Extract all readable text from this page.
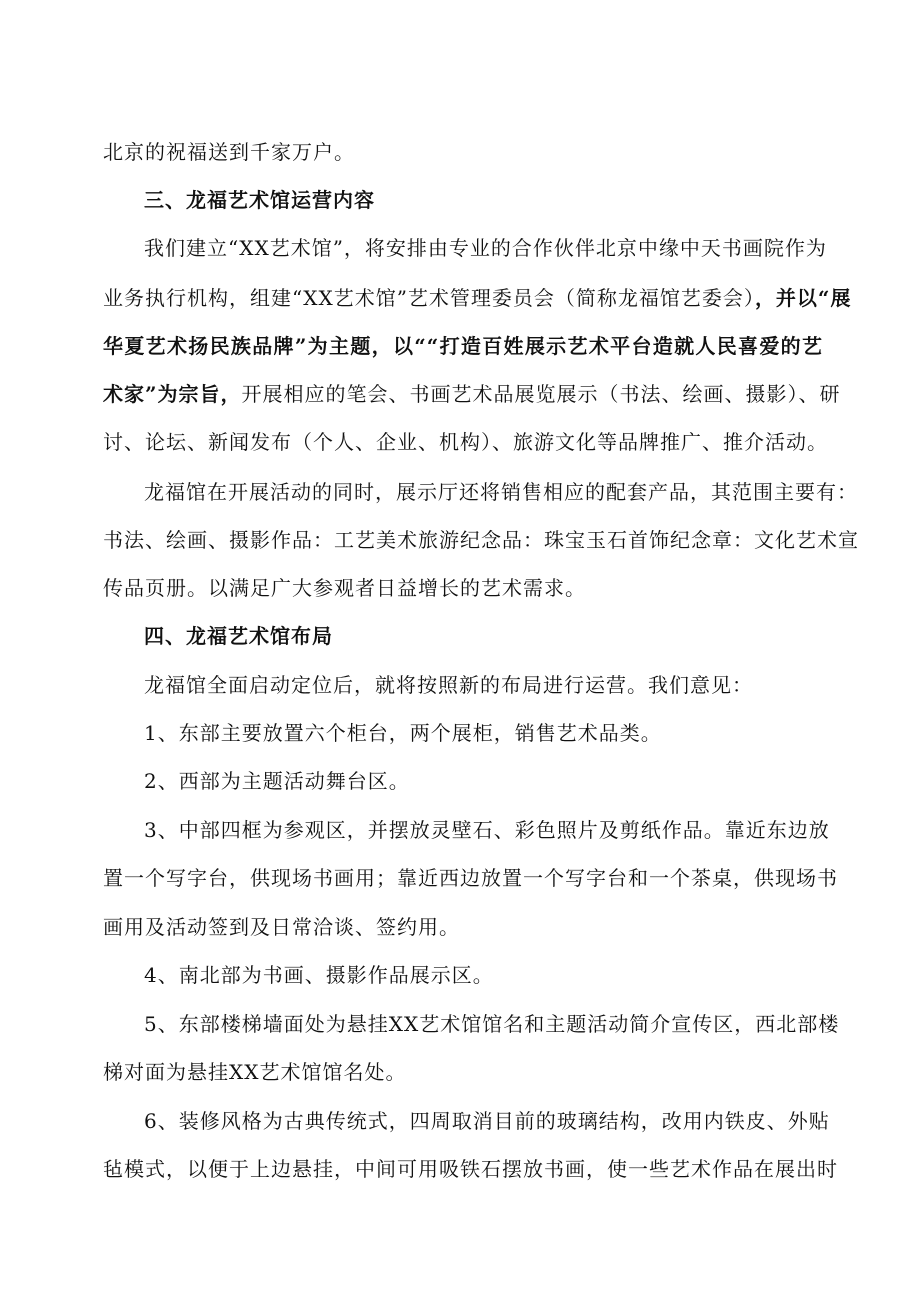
北京的祝福送到千家万户。
三、龙福艺术馆运营内容
我们建立“XX艺术馆”，将安排由专业的合作伙伴北京中缘中天书画院作为
业务执行机构，组建“XX艺术馆”艺术管理委员会（简称龙福馆艺委会），并以“展
华夏艺术扬民族品牌”为主题，以““打造百姓展示艺术平台造就人民喜爱的艺
术家”为宗旨，开展相应的笔会、书画艺术品展览展示（书法、绘画、摄影）、研
讨、论坛、新闻发布（个人、企业、机构）、旅游文化等品牌推广、推介活动。
龙福馆在开展活动的同时，展示厅还将销售相应的配套产品，其范围主要有：
书法、绘画、摄影作品：工艺美术旅游纪念品：珠宝玉石首饰纪念章：文化艺术宣
传品页册。以满足广大参观者日益增长的艺术需求。
四、龙福艺术馆布局
龙福馆全面启动定位后，就将按照新的布局进行运营。我们意见：
1、东部主要放置六个柜台，两个展柜，销售艺术品类。
2、西部为主题活动舞台区。
3、中部四框为参观区，并摆放灵壁石、彩色照片及剪纸作品。靠近东边放
置一个写字台，供现场书画用；靠近西边放置一个写字台和一个茶桌，供现场书
画用及活动签到及日常洽谈、签约用。
4、南北部为书画、摄影作品展示区。
5、东部楼梯墙面处为悬挂XX艺术馆馆名和主题活动简介宣传区，西北部楼
梯对面为悬挂XX艺术馆馆名处。
6、装修风格为古典传统式，四周取消目前的玻璃结构，改用内铁皮、外贴
毡模式，以便于上边悬挂，中间可用吸铁石摆放书画，使一些艺术作品在展出时
